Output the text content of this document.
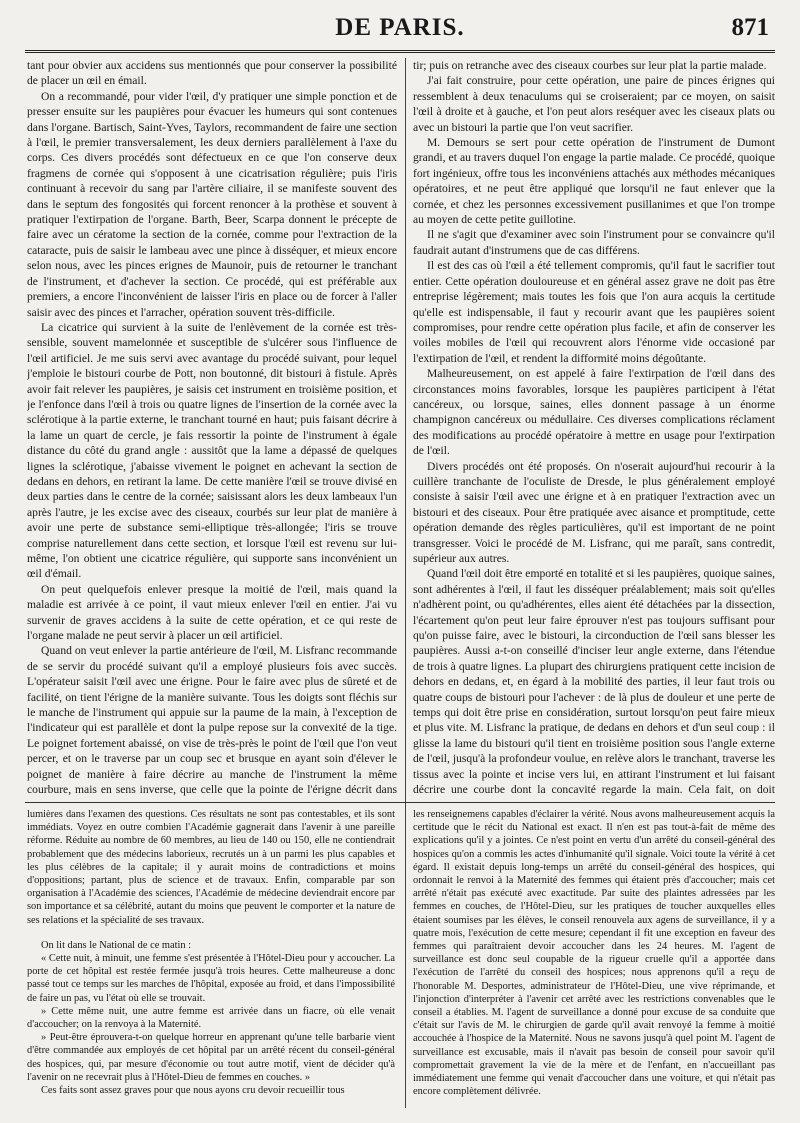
DE PARIS.	871

tant pour obvier aux accidens sus mentionnés que pour conserver la possibilité de placer un œil en émail.

On a recommandé, pour vider l'œil, d'y pratiquer une simple ponction et de presser ensuite sur les paupières pour évacuer les humeurs qui sont contenues dans l'organe. Bartisch, Saint-Yves, Taylors, recommandent de faire une section à l'œil, le premier transversalement, les deux derniers parallèlement à l'axe du corps. Ces divers procédés sont défectueux en ce que l'on conserve deux fragmens de cornée qui s'opposent à une cicatrisation régulière; puis l'iris continuant à recevoir du sang par l'artère ciliaire, il se manifeste souvent des dans le septum des fongosités qui forcent renoncer à la prothèse et souvent à pratiquer l'extirpation de l'organe. Barth, Beer, Scarpa donnent le précepte de faire avec un cératome la section de la cornée, comme pour l'extraction de la cataracte, puis de saisir le lambeau avec une pince à disséquer, et mieux encore selon nous, avec les pinces erignes de Maunoir, puis de retourner le tranchant de l'instrument, et d'achever la section. Ce procédé, qui est préférable aux premiers, a encore l'inconvénient de laisser l'iris en place ou de forcer à l'aller saisir avec des pinces et l'arracher, opération souvent très-difficile.

La cicatrice qui survient à la suite de l'enlèvement de la cornée est très-sensible, souvent mamelonnée et susceptible de s'ulcérer sous l'influence de l'œil artificiel. Je me suis servi avec avantage du procédé suivant, pour lequel j'emploie le bistouri courbe de Pott, non boutonné, dit bistouri à fistule. Après avoir fait relever les paupières, je saisis cet instrument en troisième position, et je l'enfonce dans l'œil à trois ou quatre lignes de l'insertion de la cornée avec la sclérotique à la partie externe, le tranchant tourné en haut; puis faisant décrire à la lame un quart de cercle, je fais ressortir la pointe de l'instrument à égale distance du côté du grand angle : aussitôt que la lame a dépassé de quelques lignes la sclérotique, j'abaisse vivement le poignet en achevant la section de dedans en dehors, en retirant la lame. De cette manière l'œil se trouve divisé en deux parties dans le centre de la cornée; saisissant alors les deux lambeaux l'un après l'autre, je les excise avec des ciseaux, courbés sur leur plat de manière à avoir une perte de substance semi-elliptique très-allongée; l'iris se trouve comprise naturellement dans cette section, et lorsque l'œil est revenu sur lui-même, l'on obtient une cicatrice régulière, qui supporte sans inconvénient un œil d'émail.

On peut quelquefois enlever presque la moitié de l'œil, mais quand la maladie est arrivée à ce point, il vaut mieux enlever l'œil en entier. J'ai vu survenir de graves accidens à la suite de cette opération, et ce qui reste de l'organe malade ne peut servir à placer un œil artificiel.

Quand on veut enlever la partie antérieure de l'œil, M. Lisfranc recommande de se servir du procédé suivant qu'il a employé plusieurs fois avec succès. L'opérateur saisit l'œil avec une érigne. Pour le faire avec plus de sûreté et de facilité, on tient l'érigne de la manière suivante. Tous les doigts sont fléchis sur le manche de l'instrument qui appuie sur la paume de la main, à l'exception de l'indicateur qui est parallèle et dont la pulpe repose sur la convexité de la tige. Le poignet fortement abaissé, on vise de très-près le point de l'œil que l'on veut percer, et on le traverse par un coup sec et brusque en ayant soin d'élever le poignet de manière à faire décrire au manche de l'instrument la même courbure, mais en sens inverse, que celle que la pointe de l'érigne décrit dans

tir; puis on retranche avec des ciseaux courbes sur leur plat la partie malade.

J'ai fait construire, pour cette opération, une paire de pinces érignes qui ressemblent à deux tenaculums qui se croiseraient; par ce moyen, on saisit l'œil à droite et à gauche, et l'on peut alors reséquer avec les ciseaux plats ou avec un bistouri la partie que l'on veut sacrifier.

M. Demours se sert pour cette opération de l'instrument de Dumont grandi, et au travers duquel l'on engage la partie malade. Ce procédé, quoique fort ingénieux, offre tous les inconvéniens attachés aux méthodes mécaniques opératoires, et ne peut être appliqué que lorsqu'il ne faut enlever que la cornée, et chez les personnes excessivement pusillanimes et que l'on trompe au moyen de cette petite guillotine.

Il ne s'agit que d'examiner avec soin l'instrument pour se convaincre qu'il faudrait autant d'instrumens que de cas différens.

Il est des cas où l'œil a été tellement compromis, qu'il faut le sacrifier tout entier. Cette opération douloureuse et en général assez grave ne doit pas être entreprise légèrement; mais toutes les fois que l'on aura acquis la certitude qu'elle est indispensable, il faut y recourir avant que les paupières soient compromises, pour rendre cette opération plus facile, et afin de conserver les voiles mobiles de l'œil qui recouvrent alors l'énorme vide occasioné par l'extirpation de l'œil, et rendent la difformité moins dégoûtante.

Malheureusement, on est appelé à faire l'extirpation de l'œil dans des circonstances moins favorables, lorsque les paupières participent à l'état cancéreux, ou lorsque, saines, elles donnent passage à un énorme champignon cancéreux ou médullaire. Ces diverses complications réclament des modifications au procédé opératoire à mettre en usage pour l'extirpation de l'œil.

Divers procédés ont été proposés. On n'oserait aujourd'hui recourir à la cuillère tranchante de l'oculiste de Dresde, le plus généralement employé consiste à saisir l'œil avec une érigne et à en pratiquer l'extraction avec un bistouri et des ciseaux. Pour être pratiquée avec aisance et promptitude, cette opération demande des règles particulières, qu'il est important de ne point transgresser. Voici le procédé de M. Lisfranc, qui me paraît, sans contredit, supérieur aux autres.

Quand l'œil doit être emporté en totalité et si les paupières, quoique saines, sont adhérentes à l'œil, il faut les disséquer préalablement; mais soit qu'elles n'adhèrent point, ou qu'adhérentes, elles aient été détachées par la dissection, l'écartement qu'on peut leur faire éprouver n'est pas toujours suffisant pour qu'on puisse faire, avec le bistouri, la circonduction de l'œil sans blesser les paupières. Aussi a-t-on conseillé d'inciser leur angle externe, dans l'étendue de trois à quatre lignes. La plupart des chirurgiens pratiquent cette incision de dehors en dedans, et, en égard à la mobilité des parties, il leur faut trois ou quatre coups de bistouri pour l'achever : de là plus de douleur et une perte de temps qui doit être prise en considération, surtout lorsqu'on peut faire mieux et plus vite. M. Lisfranc la pratique, de dedans en dehors et d'un seul coup : il glisse la lame du bistouri qu'il tient en troisième position sous l'angle externe de l'œil, jusqu'à la profondeur voulue, en relève alors le tranchant, traverse les tissus avec la pointe et incise vers lui, en attirant l'instrument et lui faisant décrire une courbe dont la concavité regarde la main. Cela fait, on doit

lumières dans l'examen des questions. Ces résultats ne sont pas contestables, et ils sont immédiats. Voyez en outre combien l'Académie gagnerait dans l'avenir à une pareille réforme. Réduite au nombre de 60 membres, au lieu de 140 ou 150, elle ne contiendrait probablement que des médecins laborieux, recrutés un à un parmi les plus capables et les plus célèbres de la capitale; il y aurait moins de contradictions et moins d'oppositions; partant, plus de science et de travaux. Enfin, comparable par son organisation à l'Académie des sciences, l'Académie de médecine deviendrait encore par son importance et sa célébrité, autant du moins que peuvent le comporter et la nature de ses relations et la spécialité de ses travaux.

On lit dans le National de ce matin :

« Cette nuit, à minuit, une femme s'est présentée à l'Hôtel-Dieu pour y accoucher. La porte de cet hôpital est restée fermée jusqu'à trois heures. Cette malheureuse a donc passé tout ce temps sur les marches de l'hôpital, exposée au froid, et dans l'impossibilité de faire un pas, vu l'état où elle se trouvait.

» Cette même nuit, une autre femme est arrivée dans un fiacre, où elle venait d'accoucher; on la renvoya à la Maternité.

» Peut-être éprouvera-t-on quelque horreur en apprenant qu'une telle barbarie vient d'être commandée aux employés de cet hôpital par un arrêté récent du conseil-général des hospices, qui, par mesure d'économie ou tout autre motif, vient de décider qu'à l'avenir on ne recevrait plus à l'Hôtel-Dieu de femmes en couches. »

Ces faits sont assez graves pour que nous ayons cru devoir recueillir tous

les renseignemens capables d'éclairer la vérité. Nous avons malheureusement acquis la certitude que le récit du National est exact. Il n'en est pas tout-à-fait de même des explications qu'il y a jointes. Ce n'est point en vertu d'un arrêté du conseil-général des hospices qu'on a commis les actes d'inhumanité qu'il signale. Voici toute la vérité à cet égard. Il existait depuis long-temps un arrêté du conseil-général des hospices, qui ordonnait le renvoi à la Maternité des femmes qui étaient près d'accoucher; mais cet arrêté n'était pas exécuté avec exactitude. Par suite des plaintes adressées par les femmes en couches, de l'Hôtel-Dieu, sur les pratiques de toucher auxquelles elles étaient soumises par les élèves, le conseil renouvela aux agens de surveillance, il y a quatre mois, l'exécution de cette mesure; cependant il fit une exception en faveur des femmes qui paraîtraient devoir accoucher dans les 24 heures. M. l'agent de surveillance est donc seul coupable de la rigueur cruelle qu'il a apportée dans l'exécution de l'arrêté du conseil des hospices; nous apprenons qu'il a reçu de l'honorable M. Desportes, administrateur de l'Hôtel-Dieu, une vive réprimande, et l'injonction d'interpréter à l'avenir cet arrêté avec les restrictions convenables que le conseil a établies. M. l'agent de surveillance a donné pour excuse de sa conduite que c'était sur l'avis de M. le chirurgien de garde qu'il avait renvoyé la femme à moitié accouchée à l'hospice de la Maternité. Nous ne savons jusqu'à quel point M. l'agent de surveillance est excusable, mais il n'avait pas besoin de conseil pour savoir qu'il compromettait gravement la vie de la mère et de l'enfant, en n'accueillant pas immédiatement une femme qui venait d'accoucher dans une voiture, et qui n'était pas encore complètement délivrée.
